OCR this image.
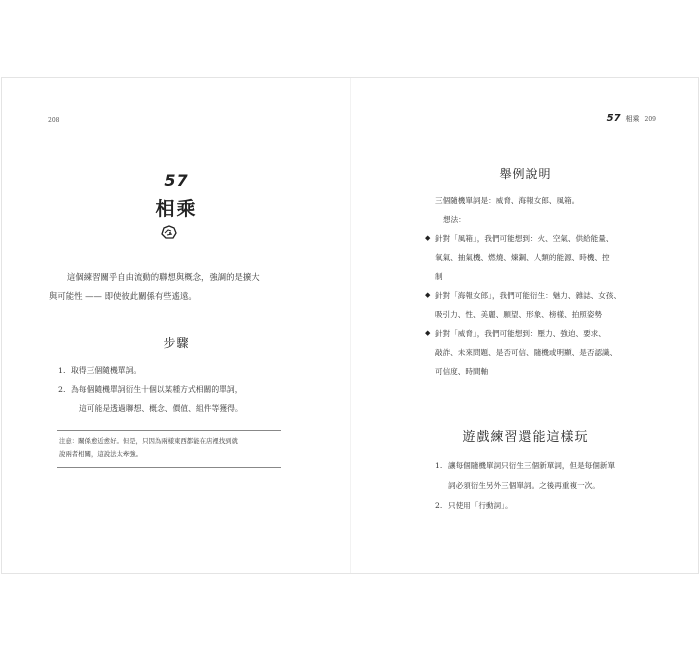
208
57
相乘
這個練習關乎自由流動的聯想與概念，強調的是擴大
與可能性 —— 即使彼此關係有些遙遠。
步驟
1. 取得三個隨機單詞。
2. 為每個隨機單詞衍生十個以某種方式相關的單詞，
這可能是透過聯想、概念、價值、組件等獲得。

注意：關係愈近愈好。但是，只因為兩樣東西都能在店裡找到就

說兩者相關，這說法太牽強。

57 相乘 209
舉例說明
三個隨機單詞是：威脅、海報女郎、風箱。
想法：
◆ 針對「風箱」，我們可能想到：火、空氣、供給能量、
氧氣、抽氣機、燃燒、煉鋼、人類的能源、時機、控
制
◆ 針對「海報女郎」，我們可能衍生：魅力、雜誌、女孩、
吸引力、性、美麗、願望、形象、榜樣、拍照姿勢
◆ 針對「威脅」，我們可能想到：壓力、強迫、要求、
敲詐、未來問題、是否可信、隨機或明顯、是否認識、
可信度、時間軸
遊戲練習還能這樣玩
1. 讓每個隨機單詞只衍生三個新單詞，但是每個新單
詞必須衍生另外三個單詞。之後再重複一次。
2. 只使用「行動詞」。
